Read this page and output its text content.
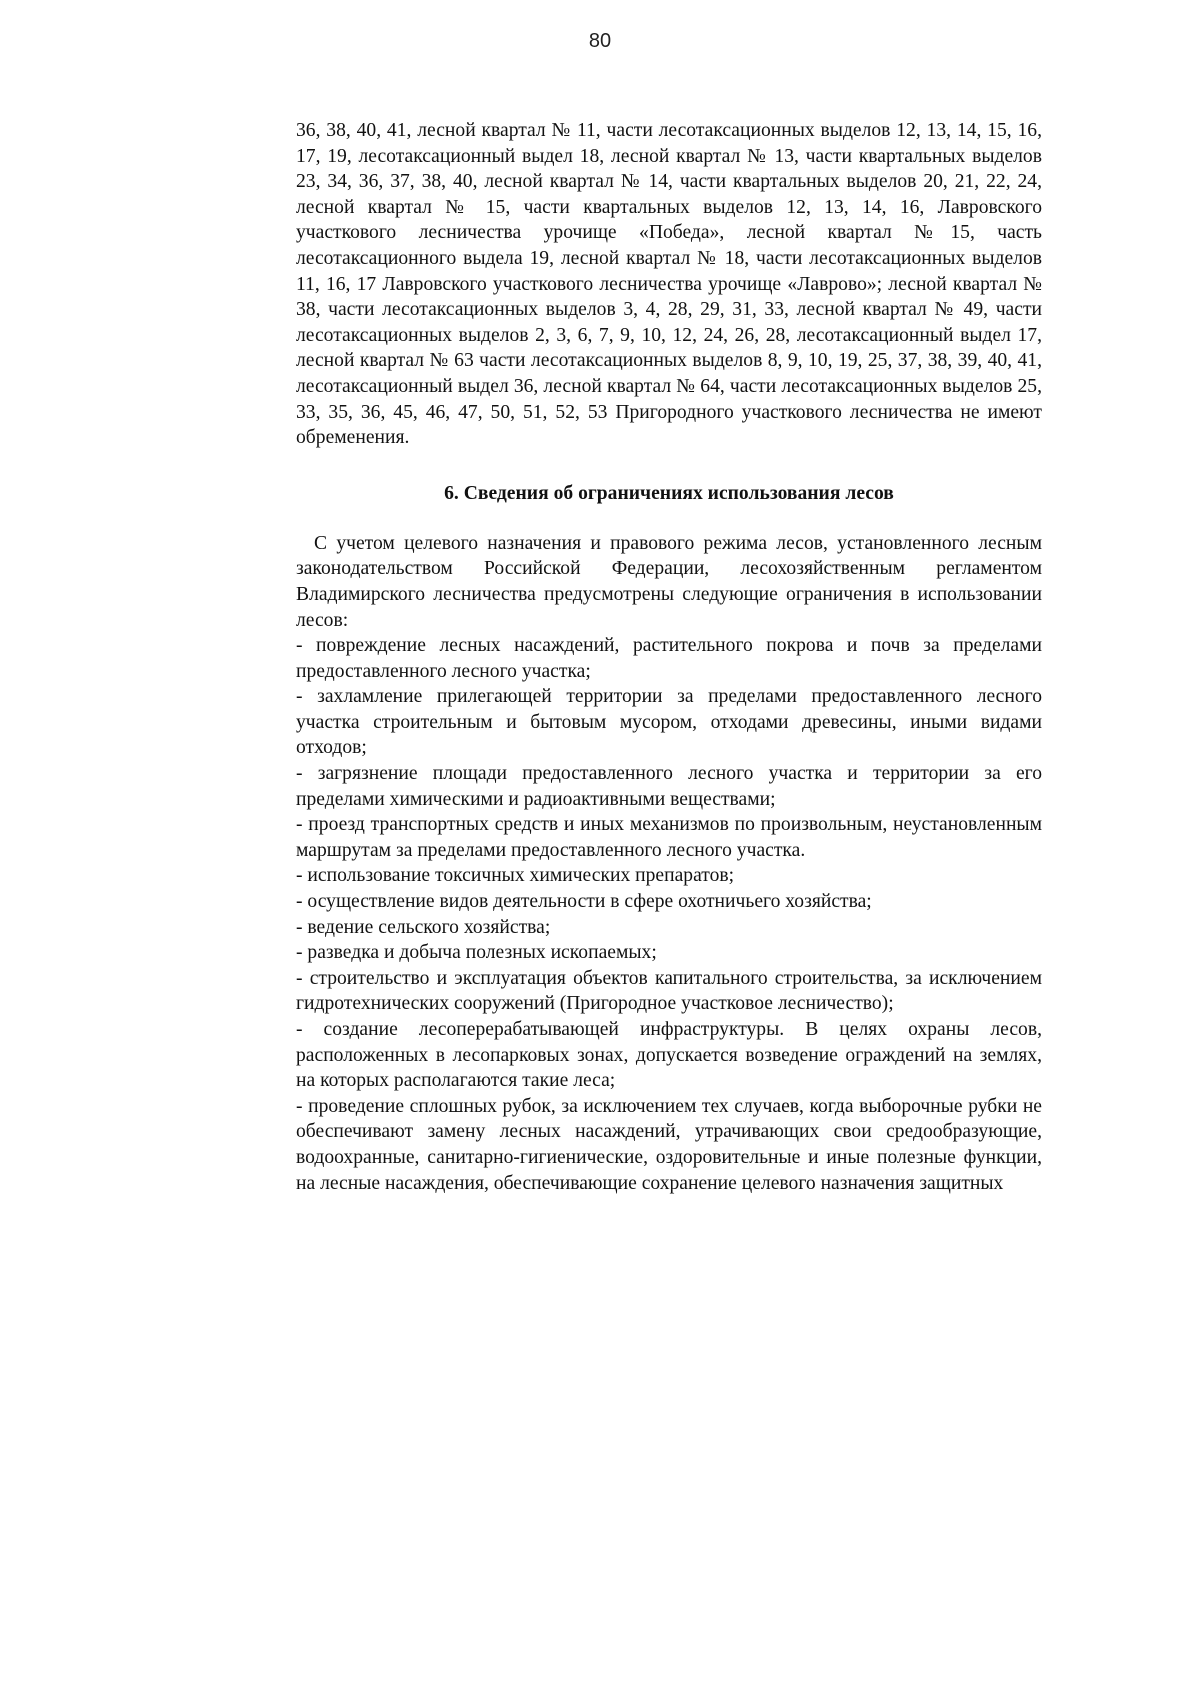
80

36, 38, 40, 41, лесной квартал № 11, части лесотаксационных выделов 12, 13, 14, 15, 16, 17, 19, лесотаксационный выдел 18, лесной квартал № 13, части квартальных выделов 23, 34, 36, 37, 38, 40, лесной квартал № 14, части квартальных выделов 20, 21, 22, 24, лесной квартал № 15, части квартальных выделов 12, 13, 14, 16, Лавровского участкового лесничества урочище «Победа», лесной квартал №15, часть лесотаксационного выдела 19, лесной квартал № 18, части лесотаксационных выделов 11, 16, 17 Лавровского участкового лесничества урочище «Лаврово»; лесной квартал № 38, части лесотаксационных выделов 3, 4, 28, 29, 31, 33, лесной квартал № 49, части лесотаксационных выделов 2, 3, 6, 7, 9, 10, 12, 24, 26, 28, лесотаксационный выдел 17, лесной квартал № 63 части лесотаксационных выделов 8, 9, 10, 19, 25, 37, 38, 39, 40, 41, лесотаксационный выдел 36, лесной квартал № 64, части лесотаксационных выделов 25, 33, 35, 36, 45, 46, 47, 50, 51, 52, 53 Пригородного участкового лесничества не имеют обременения.

6. Сведения об ограничениях использования лесов

С учетом целевого назначения и правового режима лесов, установленного лесным законодательством Российской Федерации, лесохозяйственным регламентом Владимирского лесничества предусмотрены следующие ограничения в использовании лесов:

- повреждение лесных насаждений, растительного покрова и почв за пределами предоставленного лесного участка;
- захламление прилегающей территории за пределами предоставленного лесного участка строительным и бытовым мусором, отходами древесины, иными видами отходов;
- загрязнение площади предоставленного лесного участка и территории за его пределами химическими и радиоактивными веществами;
- проезд транспортных средств и иных механизмов по произвольным, неустановленным маршрутам за пределами предоставленного лесного участка.
- использование токсичных химических препаратов;
- осуществление видов деятельности в сфере охотничьего хозяйства;
- ведение сельского хозяйства;
- разведка и добыча полезных ископаемых;
- строительство и эксплуатация объектов капитального строительства, за исключением гидротехнических сооружений (Пригородное участковое лесничество);
- создание лесоперерабатывающей инфраструктуры. В целях охраны лесов, расположенных в лесопарковых зонах, допускается возведение ограждений на землях, на которых располагаются такие леса;
- проведение сплошных рубок, за исключением тех случаев, когда выборочные рубки не обеспечивают замену лесных насаждений, утрачивающих свои средообразующие, водоохранные, санитарно-гигиенические, оздоровительные и иные полезные функции, на лесные насаждения, обеспечивающие сохранение целевого назначения защитных
